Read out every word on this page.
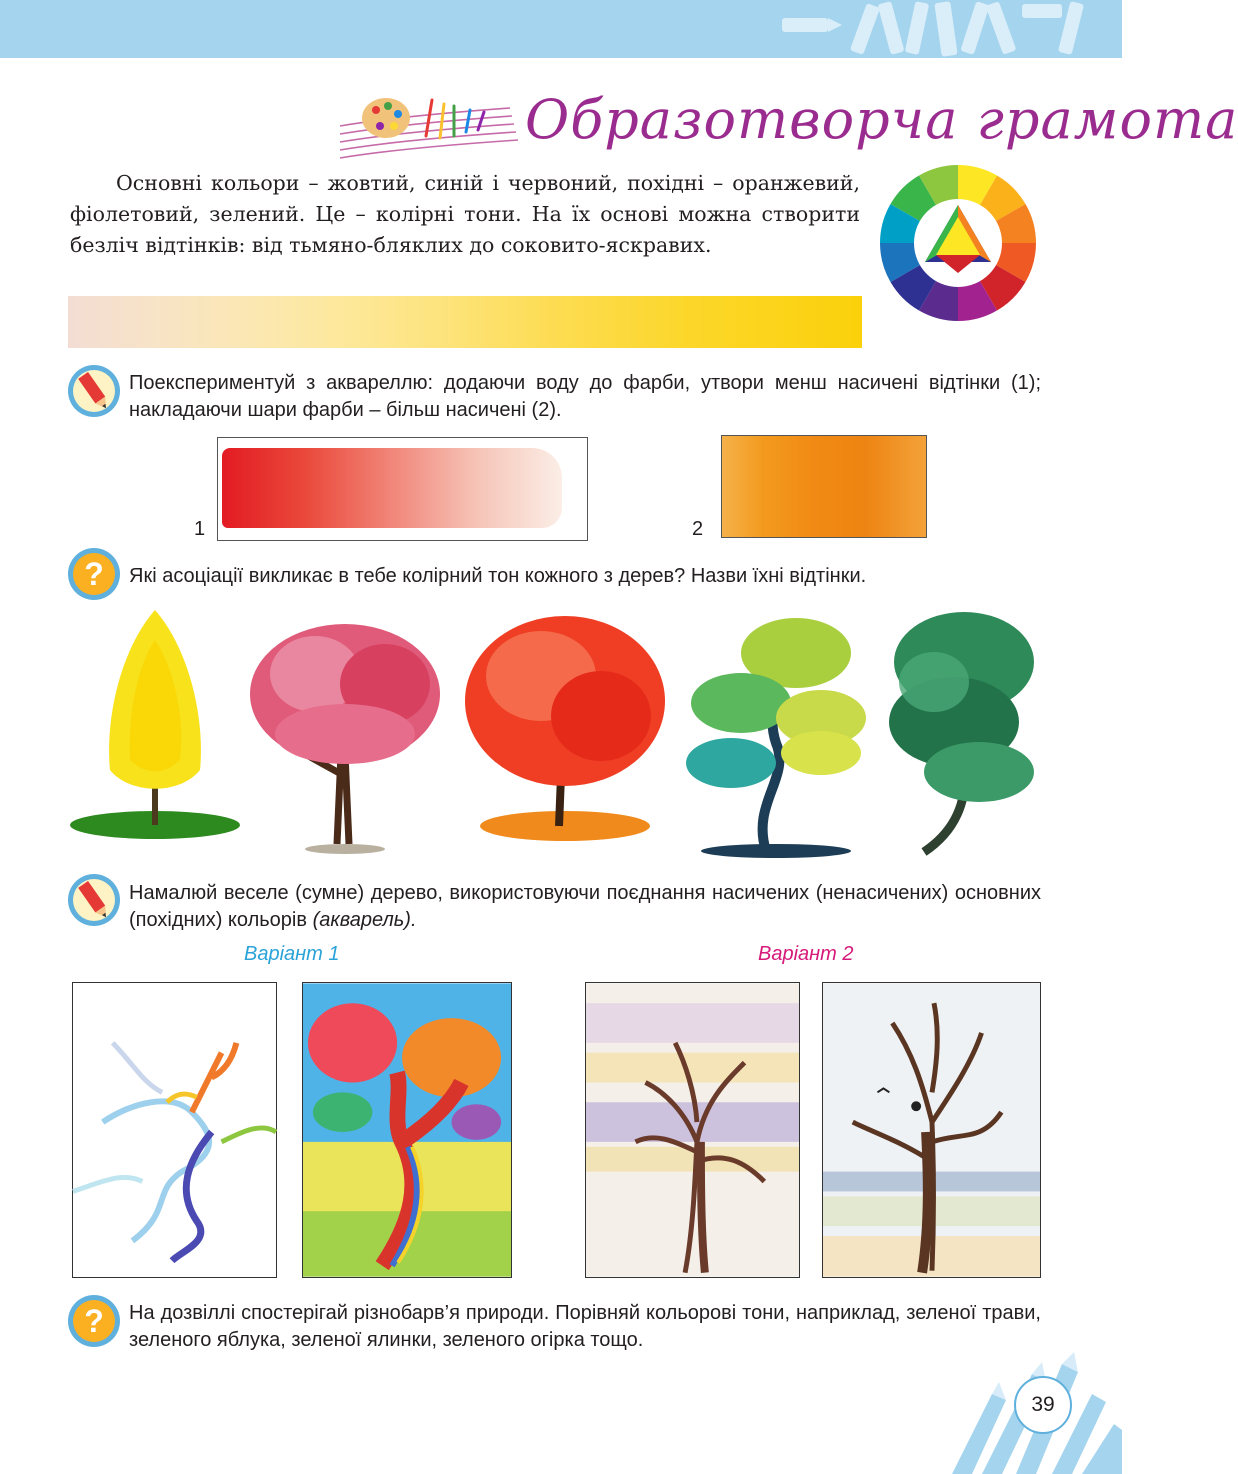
Образотворча грамота

Основні кольори – жовтий, синій і червоний, похідні – оранжевий, фіолетовий, зелений. Це – колірні тони. На їх основі можна створити безліч відтінків: від тьмяно-бляклих до соковито-яскравих.

Поекспериментуй з аквареллю: додаючи воду до фарби, утвори менш насичені відтінки (1); накладаючи шари фарби – більш насичені (2).
1	2
? Які асоціації викликає в тебе колірний тон кожного з дерев? Назви їхні відтінки.
Намалюй веселе (сумне) дерево, використовуючи поєднання насичених (ненасичених) основних (похідних) кольорів (акварель).
Варіант 1	Варіант 2
? На дозвіллі спостерігай різнобарв’я природи. Порівняй кольорові тони, наприклад, зеленої трави, зеленого яблука, зеленої ялинки, зеленого огірка тощо.
39
